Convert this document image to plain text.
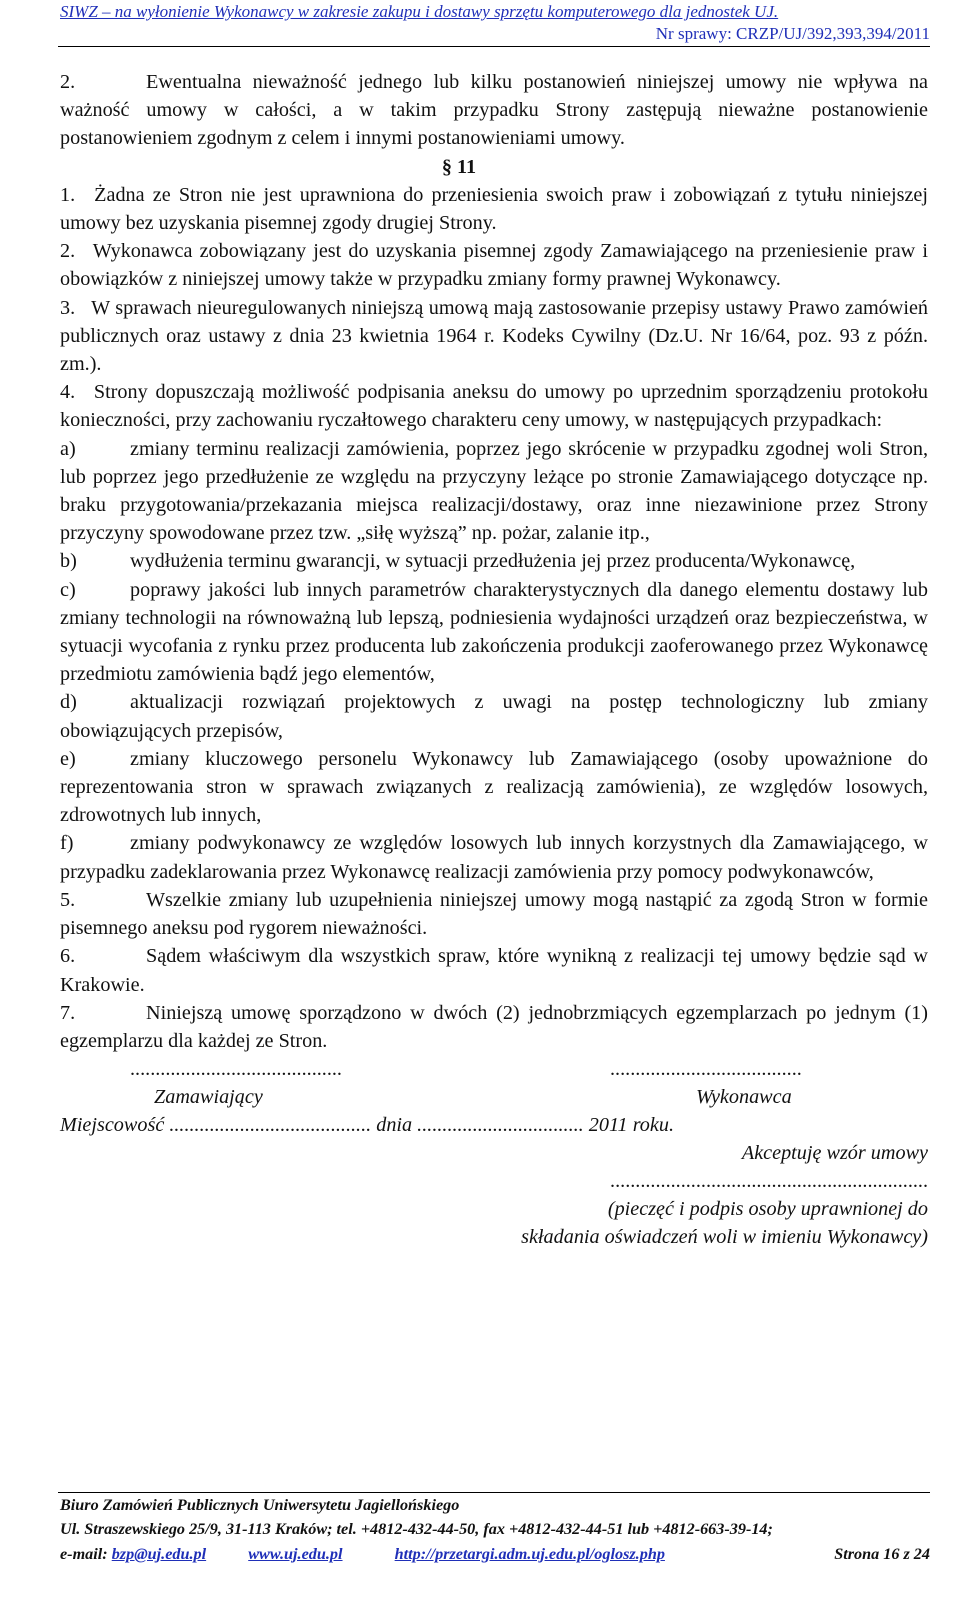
SIWZ – na wyłonienie Wykonawcy w zakresie zakupu i dostawy sprzętu komputerowego dla jednostek UJ.
Nr sprawy: CRZP/UJ/392,393,394/2011

2.	Ewentualna nieważność jednego lub kilku postanowień niniejszej umowy nie wpływa na ważność umowy w całości, a w takim przypadku Strony zastępują nieważne postanowienie postanowieniem zgodnym z celem i innymi postanowieniami umowy.

§ 11

1. Żadna ze Stron nie jest uprawniona do przeniesienia swoich praw i zobowiązań z tytułu niniejszej umowy bez uzyskania pisemnej zgody drugiej Strony.

2. Wykonawca zobowiązany jest do uzyskania pisemnej zgody Zamawiającego na przeniesienie praw i obowiązków z niniejszej umowy także w przypadku zmiany formy prawnej Wykonawcy.

3. W sprawach nieuregulowanych niniejszą umową mają zastosowanie przepisy ustawy Prawo zamówień publicznych oraz ustawy z dnia 23 kwietnia 1964 r. Kodeks Cywilny (Dz.U. Nr 16/64, poz. 93 z późn. zm.).

4. Strony dopuszczają możliwość podpisania aneksu do umowy po uprzednim sporządzeniu protokołu konieczności, przy zachowaniu ryczałtowego charakteru ceny umowy, w następujących przypadkach:

a)	zmiany terminu realizacji zamówienia, poprzez jego skrócenie w przypadku zgodnej woli Stron, lub poprzez jego przedłużenie ze względu na przyczyny leżące po stronie Zamawiającego dotyczące np. braku przygotowania/przekazania miejsca realizacji/dostawy, oraz inne niezawinione przez Strony przyczyny spowodowane przez tzw. „siłę wyższą” np. pożar, zalanie itp.,

b)	wydłużenia terminu gwarancji, w sytuacji przedłużenia jej przez producenta/Wykonawcę,

c)	poprawy jakości lub innych parametrów charakterystycznych dla danego elementu dostawy lub zmiany technologii na równoważną lub lepszą, podniesienia wydajności urządzeń oraz bezpieczeństwa, w sytuacji wycofania z rynku przez producenta lub zakończenia produkcji zaoferowanego przez Wykonawcę przedmiotu zamówienia bądź jego elementów,

d)	aktualizacji rozwiązań projektowych z uwagi na postęp technologiczny lub zmiany obowiązujących przepisów,

e)	zmiany kluczowego personelu Wykonawcy lub Zamawiającego (osoby upoważnione do reprezentowania stron w sprawach związanych z realizacją zamówienia), ze względów losowych, zdrowotnych lub innych,

f)	zmiany podwykonawcy ze względów losowych lub innych korzystnych dla Zamawiającego, w przypadku zadeklarowania przez Wykonawcę realizacji zamówienia przy pomocy podwykonawców,

5.	Wszelkie zmiany lub uzupełnienia niniejszej umowy mogą nastąpić za zgodą Stron w formie pisemnego aneksu pod rygorem nieważności.

6.	Sądem właściwym dla wszystkich spraw, które wynikną z realizacji tej umowy będzie sąd w Krakowie.

7.	Niniejszą umowę sporządzono w dwóch (2) jednobrzmiących egzemplarzach po jednym (1) egzemplarzu dla każdej ze Stron.

..........................................	......................................
Zamawiający	Wykonawca
Miejscowość ........................................ dnia ................................. 2011 roku.
Akceptuję wzór umowy
...............................................................
(pieczęć i podpis osoby uprawnionej do
składania oświadczeń woli w imieniu Wykonawcy)
Biuro Zamówień Publicznych Uniwersytetu Jagiellońskiego
Ul. Straszewskiego 25/9, 31-113 Kraków; tel. +4812-432-44-50, fax +4812-432-44-51 lub +4812-663-39-14;
e-mail: bzp@uj.edu.pl	www.uj.edu.pl	http://przetargi.adm.uj.edu.pl/oglosz.php	Strona 16 z 24
